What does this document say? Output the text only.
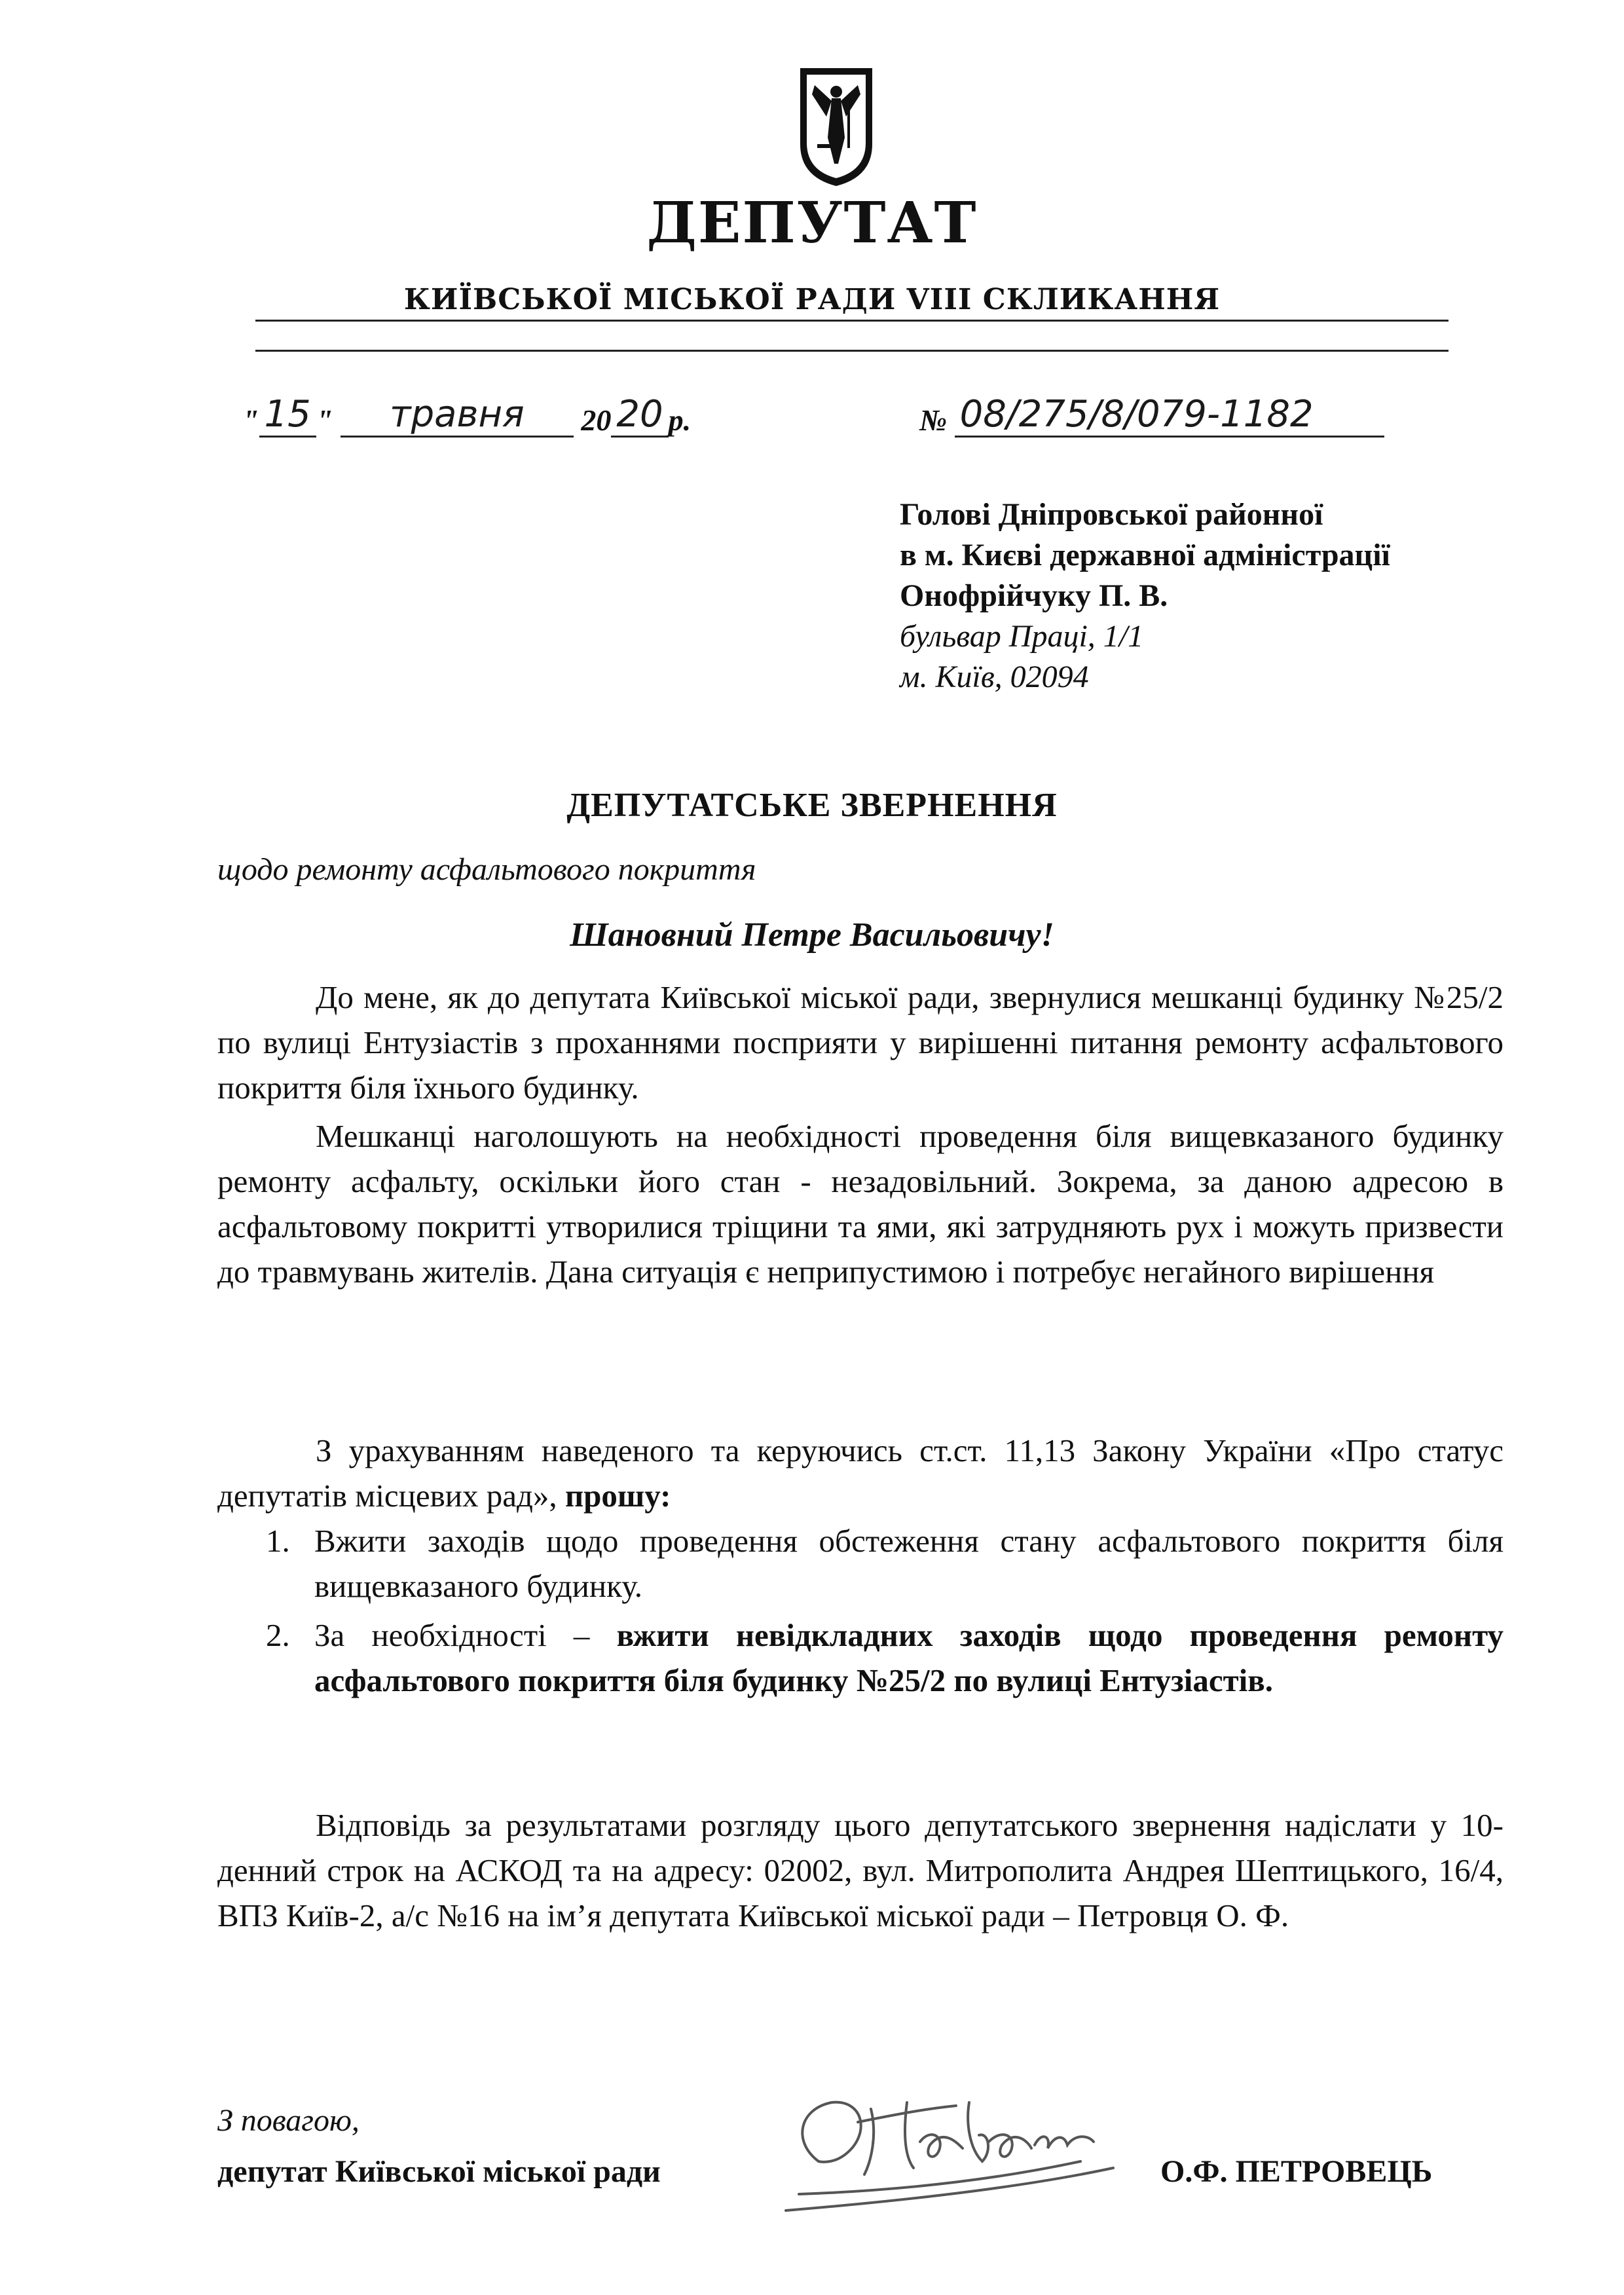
ДЕПУТАТ
КИЇВСЬКОЇ МІСЬКОЇ РАДИ VIII СКЛИКАННЯ
" 15 " травня 20 20 р.	№ 08/275/8/079-1182
Голові Дніпровської районної
в м. Києві державної адміністрації
Онофрійчуку П. В.
бульвар Праці, 1/1
м. Київ, 02094
ДЕПУТАТСЬКЕ ЗВЕРНЕННЯ
щодо ремонту асфальтового покриття
Шановний Петре Васильовичу!

До мене, як до депутата Київської міської ради, звернулися мешканці будинку №25/2 по вулиці Ентузіастів з проханнями посприяти у вирішенні питання ремонту асфальтового покриття біля їхнього будинку.

Мешканці наголошують на необхідності проведення біля вищевказаного будинку ремонту асфальту, оскільки його стан - незадовільний. Зокрема, за даною адресою в асфальтовому покритті утворилися тріщини та ями, які затрудняють рух і можуть призвести до травмувань жителів. Дана ситуація є неприпустимою і потребує негайного вирішення

З урахуванням наведеного та керуючись ст.ст. 11,13 Закону України «Про статус депутатів місцевих рад», прошу:

1. Вжити заходів щодо проведення обстеження стану асфальтового покриття біля вищевказаного будинку.
2. За необхідності – вжити невідкладних заходів щодо проведення ремонту асфальтового покриття біля будинку №25/2 по вулиці Ентузіастів.

Відповідь за результатами розгляду цього депутатського звернення надіслати у 10-денний строк на АСКОД та на адресу: 02002, вул. Митрополита Андрея Шептицького, 16/4, ВПЗ Київ-2, а/с №16 на ім’я депутата Київської міської ради – Петровця О. Ф.

З повагою,
депутат Київської міської ради	О.Ф. ПЕТРОВЕЦЬ
